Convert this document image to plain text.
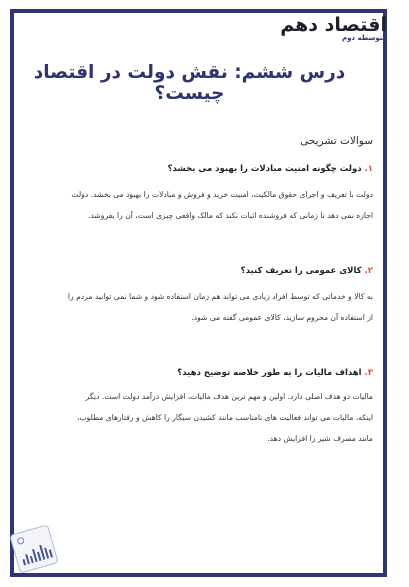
اقتصاد دهم
متوسطه دوم
درس ششم: نقش دولت در اقتصاد چیست؟
سوالات تشریحی
۱. دولت چگونه امنیت مبادلات را بهبود می بخشد؟
دولت با تعریف و اجرای حقوق مالکیت، امنیت خرید و فروش و مبادلات را بهبود می بخشد. دولت
اجازه نمی دهد تا زمانی که فروشنده اثبات نکند که مالک واقعی چیزی است، آن را بفروشد.
۲. کالای عمومی را تعریف کنید؟
به کالا و خدماتی که توسط افراد زیادی می تواند هم زمان استفاده شود و شما نمی توانید مردم را
از استفاده آن محروم سازید، کالای عمومی گفته می شود.
۳. اهداف مالیات را به طور خلاصه توضیح دهید؟
مالیات دو هدف اصلی دارد. اولین و مهم ترین هدف مالیات، افزایش درآمد دولت است. دیگر
اینکه، مالیات می تواند فعالیت های نامناسب مانند کشیدن سیگار را کاهش و رفتارهای مطلوب،
مانند مصرف شیر را افزایش دهد.
